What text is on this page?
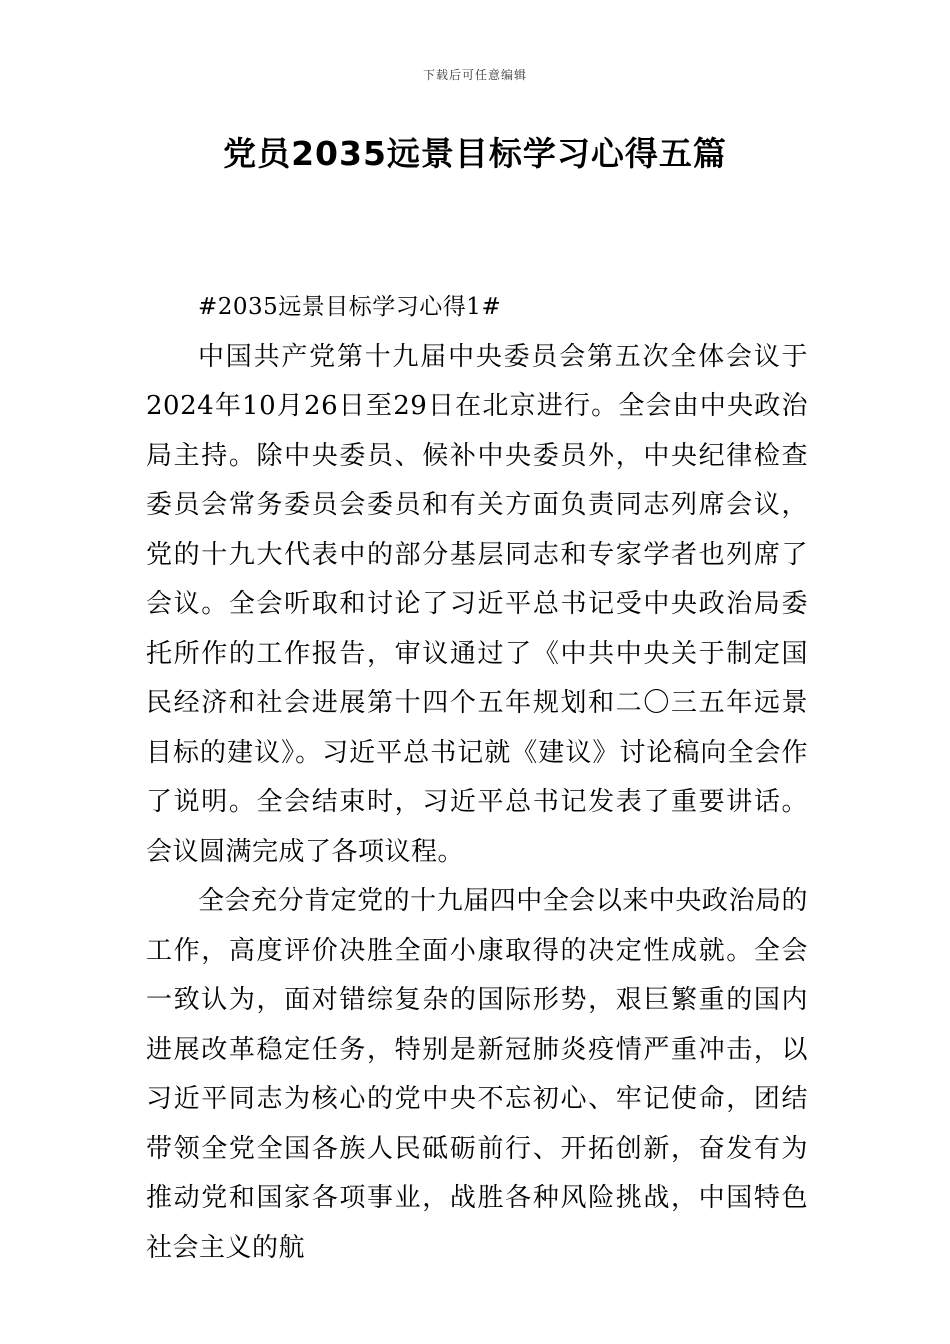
下载后可任意编辑
党员2035远景目标学习心得五篇

#2035远景目标学习心得1#

中国共产党第十九届中央委员会第五次全体会议于2024年10月26日至29日在北京进行。全会由中央政治局主持。除中央委员、候补中央委员外，中央纪律检查委员会常务委员会委员和有关方面负责同志列席会议，党的十九大代表中的部分基层同志和专家学者也列席了会议。全会听取和讨论了习近平总书记受中央政治局委托所作的工作报告，审议通过了《中共中央关于制定国民经济和社会进展第十四个五年规划和二〇三五年远景目标的建议》。习近平总书记就《建议》讨论稿向全会作了说明。全会结束时，习近平总书记发表了重要讲话。会议圆满完成了各项议程。

全会充分肯定党的十九届四中全会以来中央政治局的工作，高度评价决胜全面小康取得的决定性成就。全会一致认为，面对错综复杂的国际形势，艰巨繁重的国内进展改革稳定任务，特别是新冠肺炎疫情严重冲击，以习近平同志为核心的党中央不忘初心、牢记使命，团结带领全党全国各族人民砥砺前行、开拓创新，奋发有为推动党和国家各项事业，战胜各种风险挑战，中国特色社会主义的航
